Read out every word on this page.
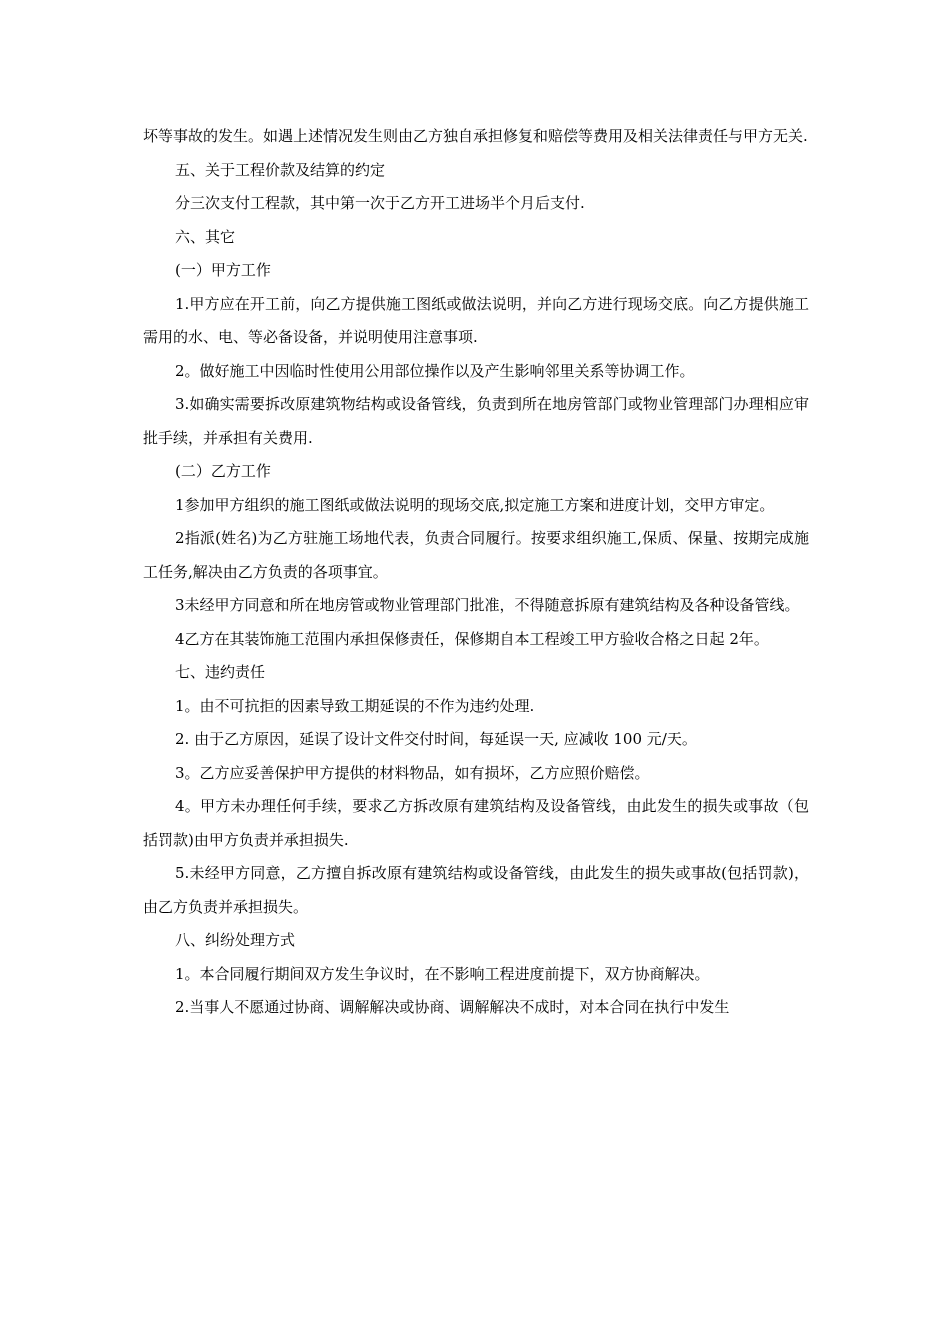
坏等事故的发生。如遇上述情况发生则由乙方独自承担修复和赔偿等费用及相关法律责任与甲方无关.

五、关于工程价款及结算的约定

分三次支付工程款，其中第一次于乙方开工进场半个月后支付.

六、其它

(一）甲方工作

1.甲方应在开工前，向乙方提供施工图纸或做法说明，并向乙方进行现场交底。向乙方提供施工需用的水、电、等必备设备，并说明使用注意事项.

2。做好施工中因临时性使用公用部位操作以及产生影响邻里关系等协调工作。

3.如确实需要拆改原建筑物结构或设备管线，负责到所在地房管部门或物业管理部门办理相应审批手续，并承担有关费用.

(二）乙方工作

1参加甲方组织的施工图纸或做法说明的现场交底,拟定施工方案和进度计划，交甲方审定。

2指派(姓名)为乙方驻施工场地代表，负责合同履行。按要求组织施工,保质、保量、按期完成施工任务,解决由乙方负责的各项事宜。

3未经甲方同意和所在地房管或物业管理部门批准，不得随意拆原有建筑结构及各种设备管线。

4乙方在其装饰施工范围内承担保修责任，保修期自本工程竣工甲方验收合格之日起 2年。

七、违约责任

1。由不可抗拒的因素导致工期延误的不作为违约处理.

2. 由于乙方原因，延误了设计文件交付时间，每延误一天, 应减收 100 元/天。

3。乙方应妥善保护甲方提供的材料物品，如有损坏，乙方应照价赔偿。

4。甲方未办理任何手续，要求乙方拆改原有建筑结构及设备管线，由此发生的损失或事故（包括罚款)由甲方负责并承担损失.

5.未经甲方同意，乙方擅自拆改原有建筑结构或设备管线，由此发生的损失或事故(包括罚款)，由乙方负责并承担损失。

八、纠纷处理方式

1。本合同履行期间双方发生争议时，在不影响工程进度前提下，双方协商解决。

2.当事人不愿通过协商、调解解决或协商、调解解决不成时，对本合同在执行中发生
